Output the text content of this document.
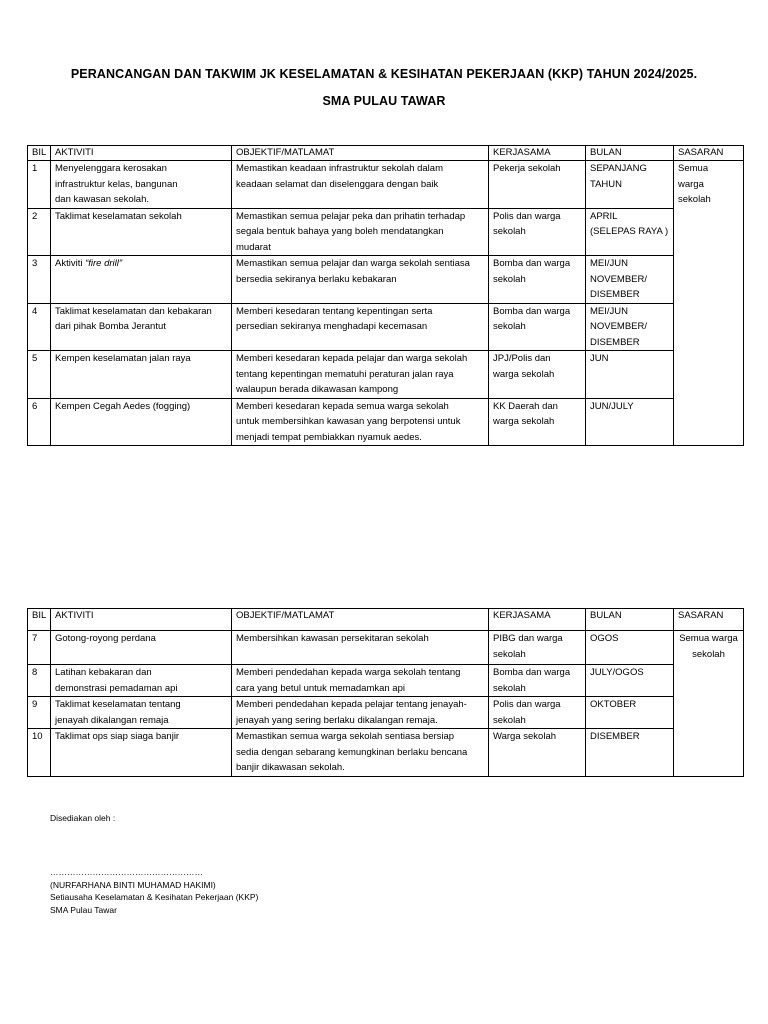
PERANCANGAN DAN TAKWIM JK KESELAMATAN & KESIHATAN PEKERJAAN (KKP) TAHUN 2024/2025.
SMA PULAU TAWAR
BIL	AKTIVITI	OBJEKTIF/MATLAMAT	KERJASAMA	BULAN	SASARAN
1	Menyelenggara kerosakan
infrastruktur kelas, bangunan
dan kawasan sekolah.	Memastikan keadaan infrastruktur sekolah dalam
keadaan selamat dan diselenggara dengan baik	Pekerja sekolah	SEPANJANG
TAHUN	Semua
warga
sekolah
2	Taklimat keselamatan sekolah	Memastikan semua pelajar peka dan prihatin terhadap
segala bentuk bahaya yang boleh mendatangkan
mudarat	Polis dan warga
sekolah	APRIL
(SELEPAS RAYA )	
3	Aktiviti “fire drill”	Memastikan semua pelajar dan warga sekolah sentiasa
bersedia sekiranya berlaku kebakaran	Bomba dan warga
sekolah	MEI/JUN
NOVEMBER/
DISEMBER	
4	Taklimat keselamatan dan kebakaran
dari pihak Bomba Jerantut	Memberi kesedaran tentang kepentingan serta
persedian sekiranya menghadapi kecemasan	Bomba dan warga
sekolah	MEI/JUN
NOVEMBER/
DISEMBER	
5	Kempen keselamatan jalan raya	Memberi kesedaran kepada pelajar dan warga sekolah
tentang kepentingan mematuhi peraturan jalan raya
walaupun berada dikawasan kampong	JPJ/Polis dan
warga sekolah	JUN	
6	Kempen Cegah Aedes (fogging)	Memberi kesedaran kepada semua warga sekolah
untuk membersihkan kawasan yang berpotensi untuk
menjadi tempat pembiakkan nyamuk aedes.	KK Daerah dan
warga sekolah	JUN/JULY	
BIL	AKTIVITI	OBJEKTIF/MATLAMAT	KERJASAMA	BULAN	SASARAN
7	Gotong-royong perdana	Membersihkan kawasan persekitaran sekolah	PIBG dan warga
sekolah	OGOS	Semua warga
sekolah
8	Latihan kebakaran dan
demonstrasi pemadaman api	Memberi pendedahan kepada warga sekolah tentang
cara yang betul untuk memadamkan api	Bomba dan warga
sekolah	JULY/OGOS	
9	Taklimat keselamatan tentang
jenayah dikalangan remaja	Memberi pendedahan kepada pelajar tentang jenayah-
jenayah yang sering berlaku dikalangan remaja.	Polis dan warga
sekolah	OKTOBER	
10	Taklimat ops siap siaga banjir	Memastikan semua warga sekolah sentiasa bersiap
sedia dengan sebarang kemungkinan berlaku bencana
banjir dikawasan sekolah.	Warga sekolah	DISEMBER	
Disediakan oleh :
………………………………………………
(NURFARHANA BINTI MUHAMAD HAKIMI)
Setiausaha Keselamatan & Kesihatan Pekerjaan (KKP)
SMA Pulau Tawar
